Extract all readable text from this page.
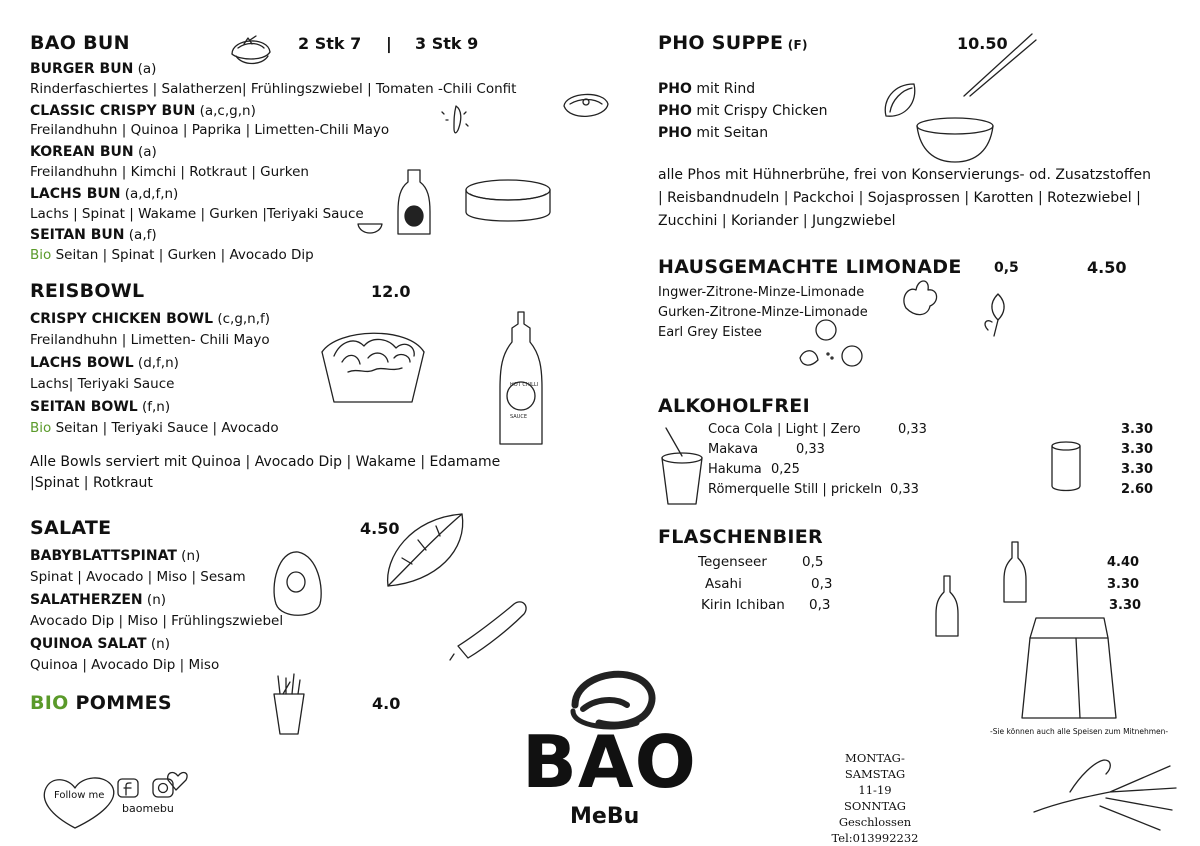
BAO BUN	2 Stk 7 | 3 Stk 9
BURGER BUN (a)
Rinderfaschiertes | Salatherzen| Frühlingszwiebel | Tomaten -Chili Confit
CLASSIC CRISPY BUN (a,c,g,n)
Freilandhuhn | Quinoa | Paprika | Limetten-Chili Mayo
KOREAN BUN (a)
Freilandhuhn | Kimchi | Rotkraut | Gurken
LACHS BUN (a,d,f,n)
Lachs | Spinat | Wakame | Gurken |Teriyaki Sauce
SEITAN BUN (a,f)
Bio Seitan | Spinat | Gurken | Avocado Dip
REISBOWL	12.0
CRISPY CHICKEN BOWL (c,g,n,f)
Freilandhuhn | Limetten- Chili Mayo
LACHS BOWL (d,f,n)
Lachs| Teriyaki Sauce
SEITAN BOWL (f,n)
Bio Seitan | Teriyaki Sauce | Avocado
Alle Bowls serviert mit Quinoa | Avocado Dip | Wakame | Edamame
|Spinat | Rotkraut
SALATE	4.50
BABYBLATTSPINAT (n)
Spinat | Avocado | Miso | Sesam
SALATHERZEN (n)
Avocado Dip | Miso | Frühlingszwiebel
QUINOA SALAT (n)
Quinoa | Avocado Dip | Miso
BIO POMMES	4.0
Follow me
baomebu
BAO
MeBu
MONTAG-SAMSTAG
11-19
SONNTAG
Geschlossen
Tel:013992232
PHO SUPPE (F)	10.50
PHO mit Rind
PHO mit Crispy Chicken
PHO mit Seitan
alle Phos mit Hühnerbrühe, frei von Konservierungs- od. Zusatzstoffen
| Reisbandnudeln | Packchoi | Sojasprossen | Karotten | Rotezwiebel |
Zucchini | Koriander | Jungzwiebel
HAUSGEMACHTE LIMONADE 0,5	4.50
Ingwer-Zitrone-Minze-Limonade
Gurken-Zitrone-Minze-Limonade
Earl Grey Eistee
ALKOHOLFREI
Coca Cola | Light | Zero	0,33	3.30
Makava	0,33	3.30
Hakuma 0,25	3.30
Römerquelle Still | prickeln 0,33	2.60
FLASCHENBIER
Tegenseer	0,5	4.40
Asahi	0,3	3.30
Kirin Ichiban 0,3	3.30
-Sie können auch alle Speisen zum Mitnehmen-
HOT CHILLI
SAUCE
